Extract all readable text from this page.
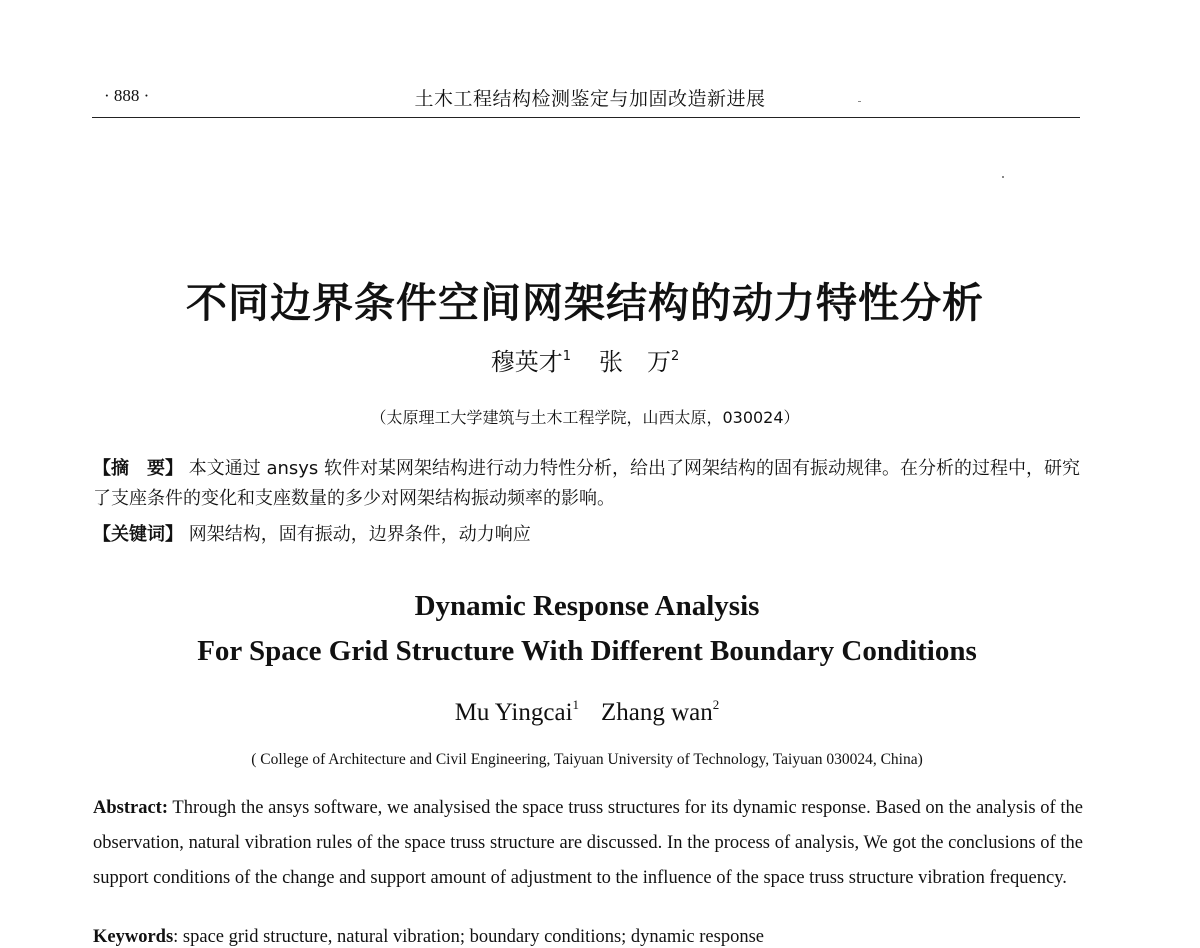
· 888 ·	土木工程结构检测鉴定与加固改造新进展
不同边界条件空间网架结构的动力特性分析
穆英才$^1$ 张　万$^2$
（太原理工大学建筑与土木工程学院，山西太原，030024）
【摘　要】 本文通过 ansys 软件对某网架结构进行动力特性分析，给出了网架结构的固有振动规律。在分析的过程中，研究了支座条件的变化和支座数量的多少对网架结构振动频率的影响。
【关键词】 网架结构，固有振动，边界条件，动力响应
Dynamic Response Analysis
For Space Grid Structure With Different Boundary Conditions
Mu Yingcai$^1$ Zhang wan$^2$
( College of Architecture and Civil Engineering, Taiyuan University of Technology, Taiyuan 030024, China)
Abstract: Through the ansys software, we analysised the space truss structures for its dynamic response. Based on the analysis of the observation, natural vibration rules of the space truss structure are discussed. In the process of analysis, We got the conclusions of the support conditions of the change and support amount of adjustment to the influence of the space truss structure vibration frequency.
Keywords: space grid structure, natural vibration; boundary conditions; dynamic response
